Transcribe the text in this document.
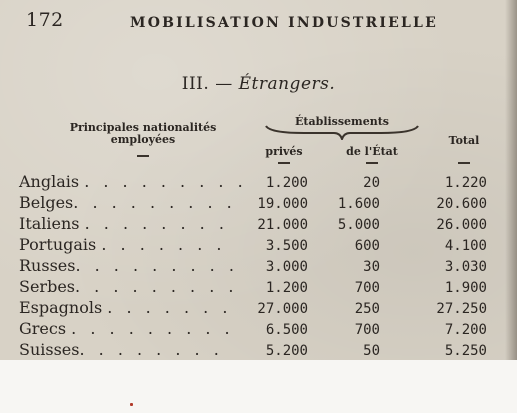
172	MOBILISATION INDUSTRIELLE
III. — Étrangers.
Principales nationalités
employées
Établissements
privés	de l'État
Total
Anglais . . . . . . . . .	1.200	20	1.220
Belges. . . . . . . . .	19.000	1.600	20.600
Italiens . . . . . . . .	21.000	5.000	26.000
Portugais . . . . . . .	3.500	600	4.100
Russes. . . . . . . . .	3.000	30	3.030
Serbes. . . . . . . . .	1.200	700	1.900
Espagnols . . . . . . .	27.000	250	27.250
Grecs . . . . . . . . .	6.500	700	7.200
Suisses. . . . . . . .	5.200	50	5.250
